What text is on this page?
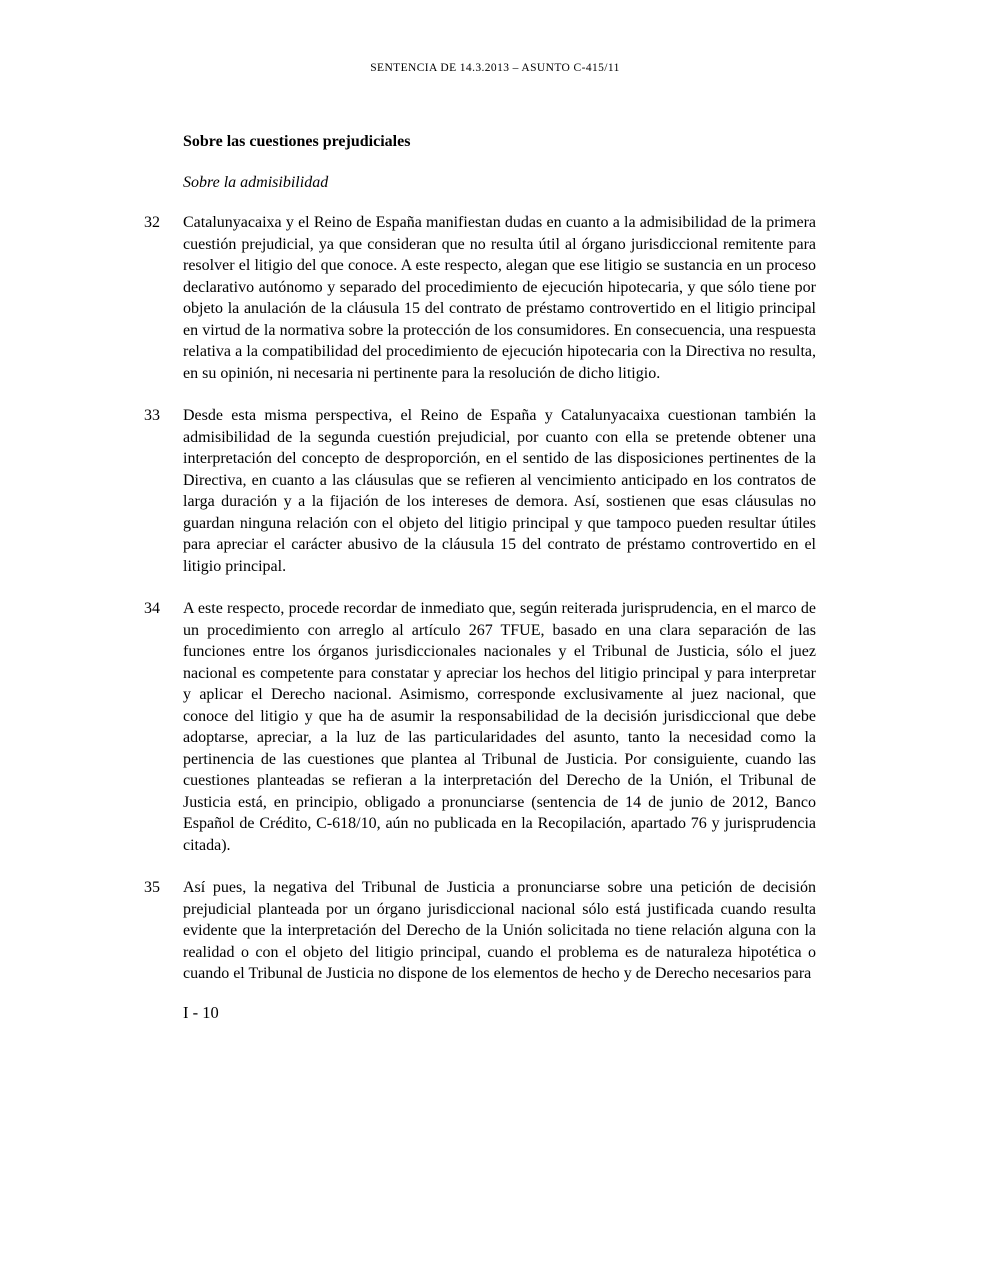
SENTENCIA DE 14.3.2013 – ASUNTO C-415/11
Sobre las cuestiones prejudiciales
Sobre la admisibilidad
32	Catalunyacaixa y el Reino de España manifiestan dudas en cuanto a la admisibilidad de la primera cuestión prejudicial, ya que consideran que no resulta útil al órgano jurisdiccional remitente para resolver el litigio del que conoce. A este respecto, alegan que ese litigio se sustancia en un proceso declarativo autónomo y separado del procedimiento de ejecución hipotecaria, y que sólo tiene por objeto la anulación de la cláusula 15 del contrato de préstamo controvertido en el litigio principal en virtud de la normativa sobre la protección de los consumidores. En consecuencia, una respuesta relativa a la compatibilidad del procedimiento de ejecución hipotecaria con la Directiva no resulta, en su opinión, ni necesaria ni pertinente para la resolución de dicho litigio.
33	Desde esta misma perspectiva, el Reino de España y Catalunyacaixa cuestionan también la admisibilidad de la segunda cuestión prejudicial, por cuanto con ella se pretende obtener una interpretación del concepto de desproporción, en el sentido de las disposiciones pertinentes de la Directiva, en cuanto a las cláusulas que se refieren al vencimiento anticipado en los contratos de larga duración y a la fijación de los intereses de demora. Así, sostienen que esas cláusulas no guardan ninguna relación con el objeto del litigio principal y que tampoco pueden resultar útiles para apreciar el carácter abusivo de la cláusula 15 del contrato de préstamo controvertido en el litigio principal.
34	A este respecto, procede recordar de inmediato que, según reiterada jurisprudencia, en el marco de un procedimiento con arreglo al artículo 267 TFUE, basado en una clara separación de las funciones entre los órganos jurisdiccionales nacionales y el Tribunal de Justicia, sólo el juez nacional es competente para constatar y apreciar los hechos del litigio principal y para interpretar y aplicar el Derecho nacional. Asimismo, corresponde exclusivamente al juez nacional, que conoce del litigio y que ha de asumir la responsabilidad de la decisión jurisdiccional que debe adoptarse, apreciar, a la luz de las particularidades del asunto, tanto la necesidad como la pertinencia de las cuestiones que plantea al Tribunal de Justicia. Por consiguiente, cuando las cuestiones planteadas se refieran a la interpretación del Derecho de la Unión, el Tribunal de Justicia está, en principio, obligado a pronunciarse (sentencia de 14 de junio de 2012, Banco Español de Crédito, C-618/10, aún no publicada en la Recopilación, apartado 76 y jurisprudencia citada).
35	Así pues, la negativa del Tribunal de Justicia a pronunciarse sobre una petición de decisión prejudicial planteada por un órgano jurisdiccional nacional sólo está justificada cuando resulta evidente que la interpretación del Derecho de la Unión solicitada no tiene relación alguna con la realidad o con el objeto del litigio principal, cuando el problema es de naturaleza hipotética o cuando el Tribunal de Justicia no dispone de los elementos de hecho y de Derecho necesarios para
I - 10
